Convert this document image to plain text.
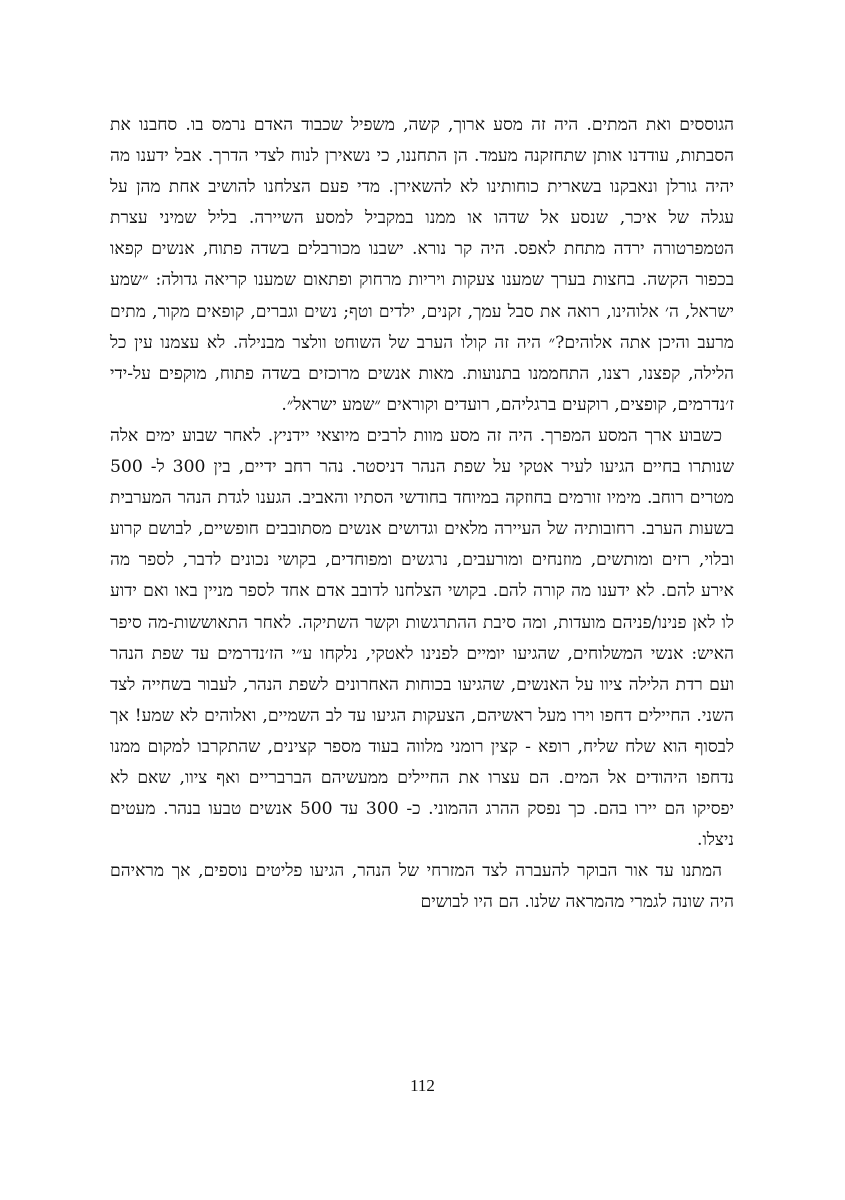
הגוססים ואת המתים. היה זה מסע ארוך, קשה, משפיל שכבוד האדם נרמס בו. סחבנו את הסבתות, עודדנו אותן שתחזקנה מעמד. הן התחננו, כי נשאירן לנוח לצדי הדרך. אבל ידענו מה יהיה גורלן ונאבקנו בשארית כוחותינו לא להשאירן. מדי פעם הצלחנו להושיב אחת מהן על עגלה של איכר, שנסע אל שדהו או ממנו במקביל למסע השיירה. בליל שמיני עצרת הטמפרטורה ירדה מתחת לאפס. היה קר נורא. ישבנו מכורבלים בשדה פתוח, אנשים קפאו בכפור הקשה. בחצות בערך שמענו צעקות ויריות מרחוק ופתאום שמענו קריאה גדולה: ״שמע ישראל, ה׳ אלוהינו, רואה את סבל עמך, זקנים, ילדים וטף; נשים וגברים, קופאים מקור, מתים מרעב והיכן אתה אלוהים?״ היה זה קולו הערב של השוחט וולצר מבנילה. לא עצמנו עין כל הלילה, קפצנו, רצנו, התחממנו בתנועות. מאות אנשים מרוכזים בשדה פתוח, מוקפים על-ידי ז׳נדרמים, קופצים, רוקעים ברגליהם, רועדים וקוראים ״שמע ישראל״.

כשבוע ארך המסע המפרך. היה זה מסע מוות לרבים מיוצאי יידניץ. לאחר שבוע ימים אלה שנותרו בחיים הגיעו לעיר אטקי על שפת הנהר דניסטר. נהר רחב ידיים, בין 300 ל- 500 מטרים רוחב. מימיו זורמים בחוזקה במיוחד בחודשי הסתיו והאביב. הגענו לגדת הנהר המערבית בשעות הערב. רחובותיה של העיירה מלאים וגדושים אנשים מסתובבים חופשיים, לבושם קרוע ובלוי, רזים ומותשים, מוזנחים ומורעבים, נרגשים ומפוחדים, בקושי נכונים לדבר, לספר מה אירע להם. לא ידענו מה קורה להם. בקושי הצלחנו לדובב אדם אחד לספר מניין באו ואם ידוע לו לאן פנינו/פניהם מועדות, ומה סיבת ההתרגשות וקשר השתיקה. לאחר התאוששות-מה סיפר האיש: אנשי המשלוחים, שהגיעו יומיים לפנינו לאטקי, נלקחו ע״י הז׳נדרמים עד שפת הנהר ועם רדת הלילה ציוו על האנשים, שהגיעו בכוחות האחרונים לשפת הנהר, לעבור בשחייה לצד השני. החיילים דחפו וירו מעל ראשיהם, הצעקות הגיעו עד לב השמיים, ואלוהים לא שמע! אך לבסוף הוא שלח שליח, רופא - קצין רומני מלווה בעוד מספר קצינים, שהתקרבו למקום ממנו נדחפו היהודים אל המים. הם עצרו את החיילים ממעשיהם הברבריים ואף ציוו, שאם לא יפסיקו הם יירו בהם. כך נפסק ההרג ההמוני. כ- 300 עד 500 אנשים טבעו בנהר. מעטים ניצלו.

המתנו עד אור הבוקר להעברה לצד המזרחי של הנהר, הגיעו פליטים נוספים, אך מראיהם היה שונה לגמרי מהמראה שלנו. הם היו לבושים

112
